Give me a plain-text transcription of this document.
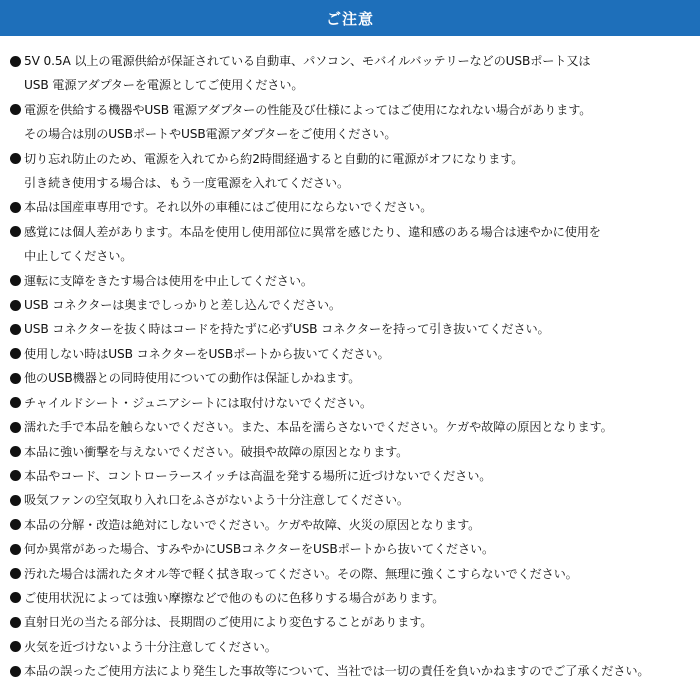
ご注意
5V 0.5A 以上の電源供給が保証されている自動車、パソコン、モバイルバッテリーなどのUSBポート又は
USB 電源アダプターを電源としてご使用ください。
電源を供給する機器やUSB 電源アダプターの性能及び仕様によってはご使用になれない場合があります。
その場合は別のUSBポートやUSB電源アダプターをご使用ください。
切り忘れ防止のため、電源を入れてから約2時間経過すると自動的に電源がオフになります。
引き続き使用する場合は、もう一度電源を入れてください。
本品は国産車専用です。それ以外の車種にはご使用にならないでください。
感覚には個人差があります。本品を使用し使用部位に異常を感じたり、違和感のある場合は速やかに使用を
中止してください。
運転に支障をきたす場合は使用を中止してください。
USB コネクターは奥までしっかりと差し込んでください。
USB コネクターを抜く時はコードを持たずに必ずUSB コネクターを持って引き抜いてください。
使用しない時はUSB コネクターをUSBポートから抜いてください。
他のUSB機器との同時使用についての動作は保証しかねます。
チャイルドシート・ジュニアシートには取付けないでください。
濡れた手で本品を触らないでください。また、本品を濡らさないでください。ケガや故障の原因となります。
本品に強い衝撃を与えないでください。破損や故障の原因となります。
本品やコード、コントローラースイッチは高温を発する場所に近づけないでください。
吸気ファンの空気取り入れ口をふさがないよう十分注意してください。
本品の分解・改造は絶対にしないでください。ケガや故障、火災の原因となります。
何か異常があった場合、すみやかにUSBコネクターをUSBポートから抜いてください。
汚れた場合は濡れたタオル等で軽く拭き取ってください。その際、無理に強くこすらないでください。
ご使用状況によっては強い摩擦などで他のものに色移りする場合があります。
直射日光の当たる部分は、長期間のご使用により変色することがあります。
火気を近づけないよう十分注意してください。
本品の誤ったご使用方法により発生した事故等について、当社では一切の責任を負いかねますのでご了承ください。
